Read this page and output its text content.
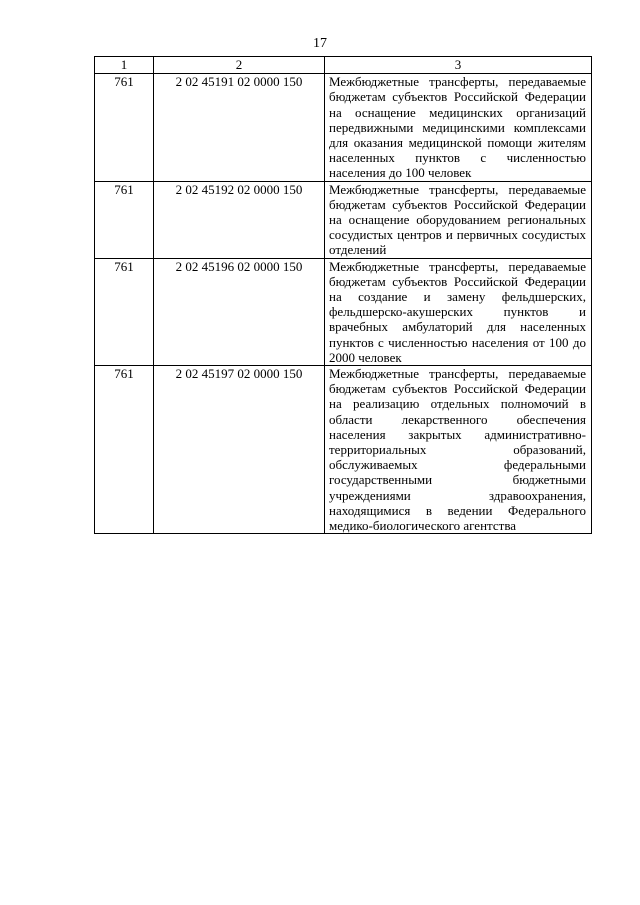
17
1	2	3
761	2 02 45191 02 0000 150	Межбюджетные трансферты, передаваемые бюджетам субъектов Российской Федерации на оснащение медицинских организаций передвижными медицинскими комплексами для оказания медицинской помощи жителям населенных пунктов с численностью населения до 100 человек
761	2 02 45192 02 0000 150	Межбюджетные трансферты, передаваемые бюджетам субъектов Российской Федерации на оснащение оборудованием региональных сосудистых центров и первичных сосудистых отделений
761	2 02 45196 02 0000 150	Межбюджетные трансферты, передаваемые бюджетам субъектов Российской Федерации на создание и замену фельдшерских, фельдшерско-акушерских пунктов и врачебных амбулаторий для населенных пунктов с численностью населения от 100 до 2000 человек
761	2 02 45197 02 0000 150	Межбюджетные трансферты, передаваемые бюджетам субъектов Российской Федерации на реализацию отдельных полномочий в области лекарственного обеспечения населения закрытых административно-территориальных образований, обслуживаемых федеральными государственными бюджетными учреждениями здравоохранения, находящимися в ведении Федерального медико-биологического агентства
